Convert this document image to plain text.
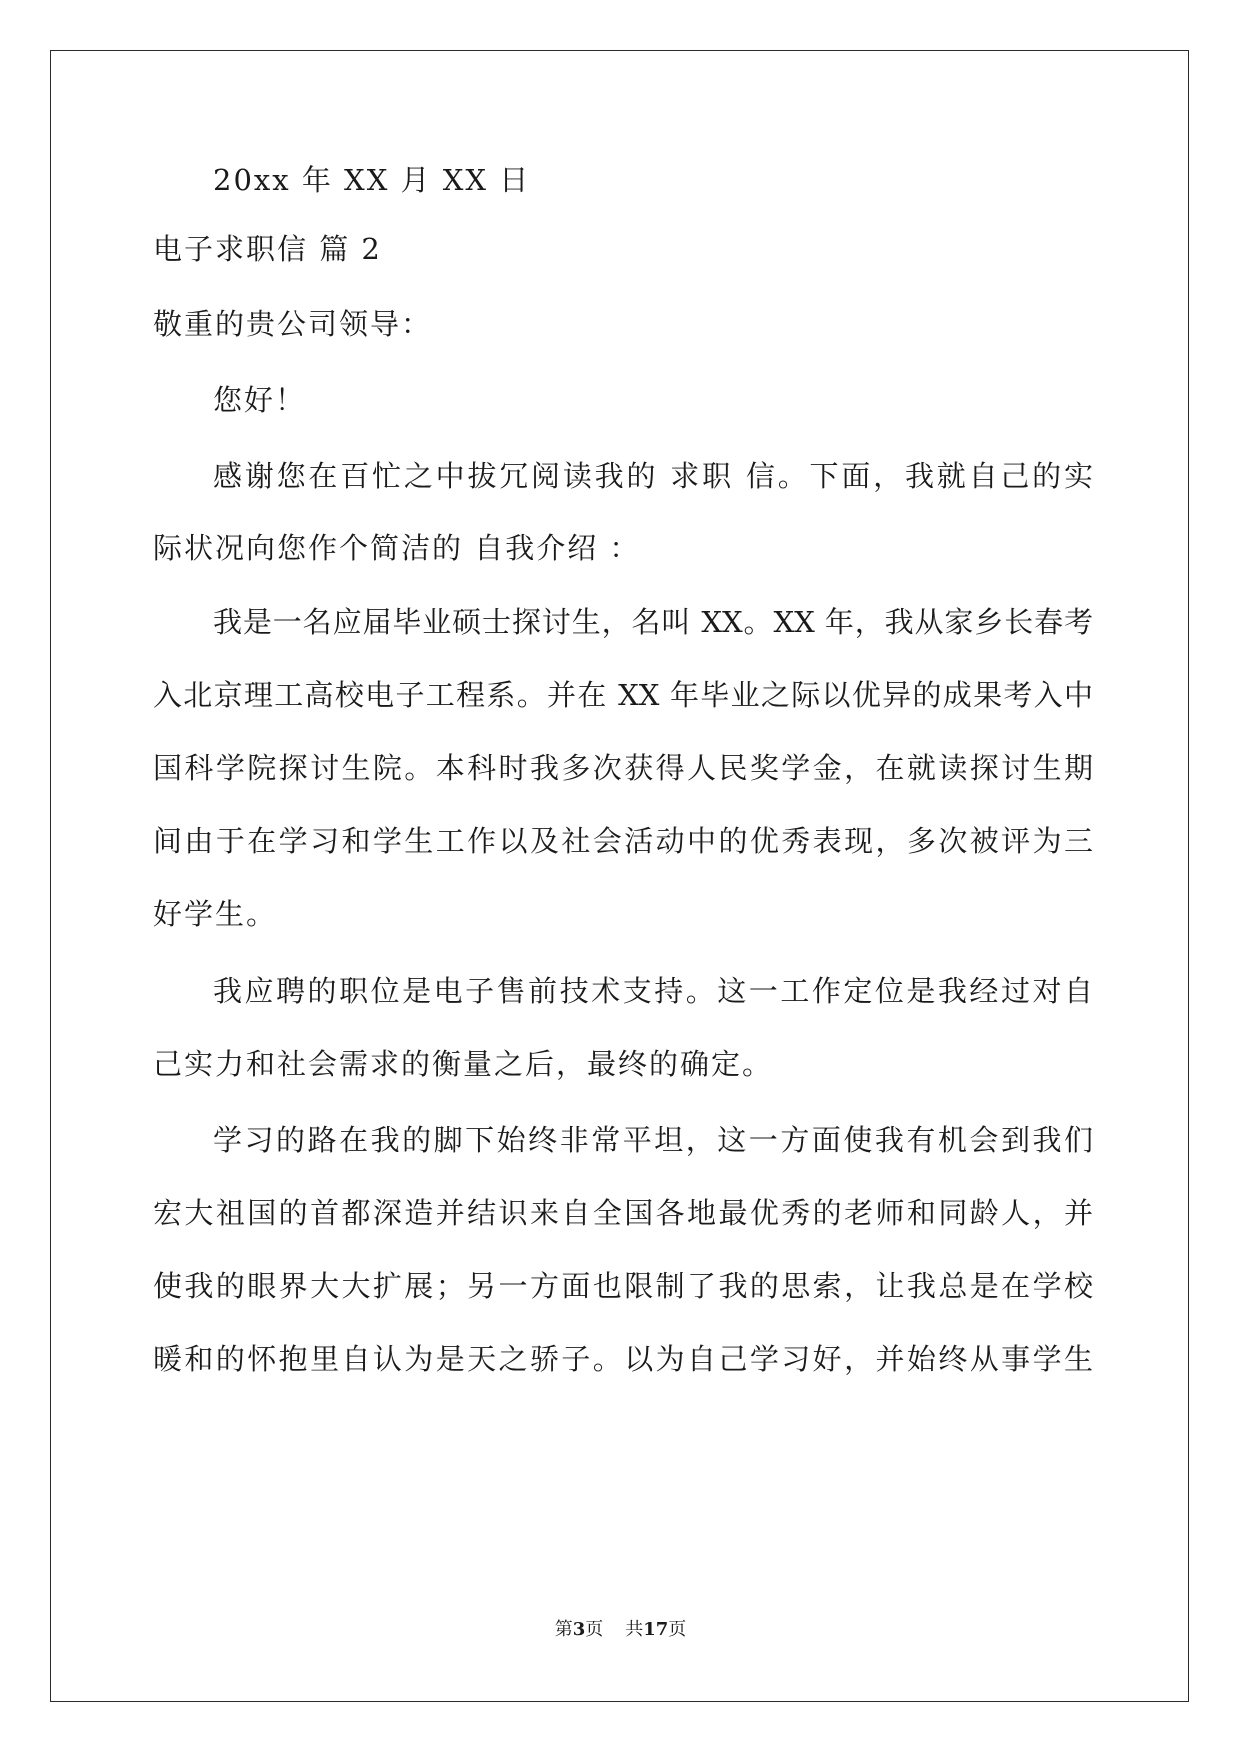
20xx 年 XX 月 XX 日
电子求职信 篇 2
敬重的贵公司领导：
您好！
感谢您在百忙之中拔冗阅读我的 求职 信。下面，我就自己的实
际状况向您作个简洁的 自我介绍 ：
我是一名应届毕业硕士探讨生，名叫 XX。XX 年，我从家乡长春考
入北京理工高校电子工程系。并在 XX 年毕业之际以优异的成果考入中
国科学院探讨生院。本科时我多次获得人民奖学金，在就读探讨生期
间由于在学习和学生工作以及社会活动中的优秀表现，多次被评为三
好学生。
我应聘的职位是电子售前技术支持。这一工作定位是我经过对自
己实力和社会需求的衡量之后，最终的确定。
学习的路在我的脚下始终非常平坦，这一方面使我有机会到我们
宏大祖国的首都深造并结识来自全国各地最优秀的老师和同龄人，并
使我的眼界大大扩展；另一方面也限制了我的思索，让我总是在学校
暖和的怀抱里自认为是天之骄子。以为自己学习好，并始终从事学生
第3页 共17页
